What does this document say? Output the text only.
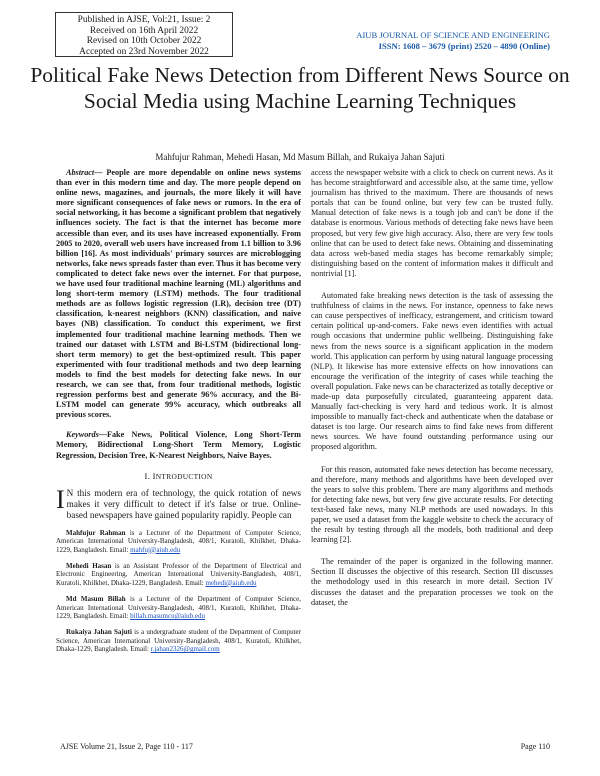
Published in AJSE, Vol:21, Issue: 2
Received on 16th April 2022
Revised on 10th October 2022
Accepted on 23rd November 2022
AIUB JOURNAL OF SCIENCE AND ENGINEERING
ISSN: 1608 – 3679 (print) 2520 – 4890 (Online)
Political Fake News Detection from Different News Source on Social Media using Machine Learning Techniques
Mahfujur Rahman, Mehedi Hasan, Md Masum Billah, and Rukaiya Jahan Sajuti

Abstract— People are more dependable on online news systems than ever in this modern time and day. The more people depend on online news, magazines, and journals, the more likely it will have more significant consequences of fake news or rumors. In the era of social networking, it has become a significant problem that negatively influences society. The fact is that the internet has become more accessible than ever, and its uses have increased exponentially. From 2005 to 2020, overall web users have increased from 1.1 billion to 3.96 billion [16]. As most individuals' primary sources are microblogging networks, fake news spreads faster than ever. Thus it has become very complicated to detect fake news over the internet. For that purpose, we have used four traditional machine learning (ML) algorithms and long short-term memory (LSTM) methods. The four traditional methods are as follows logistic regression (LR), decision tree (DT) classification, k-nearest neighbors (KNN) classification, and naive bayes (NB) classification. To conduct this experiment, we first implemented four traditional machine learning methods. Then we trained our dataset with LSTM and Bi-LSTM (bidirectional long-short term memory) to get the best-optimized result. This paper experimented with four traditional methods and two deep learning models to find the best models for detecting fake news. In our research, we can see that, from four traditional methods, logistic regression performs best and generate 96% accuracy, and the Bi-LSTM model can generate 99% accuracy, which outbreaks all previous scores.

Keywords—Fake News, Political Violence, Long Short-Term Memory, Bidirectional Long-Short Term Memory, Logistic Regression, Decision Tree, K-Nearest Neighbors, Naive Bayes.

I. INTRODUCTION

I N this modern era of technology, the quick rotation of news makes it very difficult to detect if it's false or true. Online-based newspapers have gained popularity rapidly. People can

Mahfujur Rahman is a Lecturer of the Department of Computer Science, American International University-Bangladesh, 408/1, Kuratoli, Khilkhet, Dhaka-1229, Bangladesh. Email: mahfuj@aiub.edu

Mehedi Hasan is an Assistant Professor of the Department of Electrical and Electronic Engineering, American International University-Bangladesh, 408/1, Kuratoli, Khilkhet, Dhaka-1229, Bangladesh. Email: mehedi@aiub.edu

Md Masum Billah is a Lecturer of the Department of Computer Science, American International University-Bangladesh, 408/1, Kuratoli, Khilkhet, Dhaka-1229, Bangladesh. Email: billah.masumcu@aiub.edu

Rukaiya Jahan Sajuti is a undergraduate student of the Department of Computer Science, American International University-Bangladesh, 408/1, Kuratoli, Khilkhet, Dhaka-1229, Bangladesh. Email: r.jahan2326@gmail.com

access the newspaper website with a click to check on current news. As it has become straightforward and accessible also, at the same time, yellow journalism has thrived to the maximum. There are thousands of news portals that can be found online, but very few can be trusted fully. Manual detection of fake news is a tough job and can't be done if the database is enormous. Various methods of detecting fake news have been proposed, but very few give high accuracy. Also, there are very few tools online that can be used to detect fake news. Obtaining and disseminating data across web-based media stages has become remarkably simple; distinguishing based on the content of information makes it difficult and nontrivial [1].

Automated fake breaking news detection is the task of assessing the truthfulness of claims in the news. For instance, openness to fake news can cause perspectives of inefficacy, estrangement, and criticism toward certain political up-and-comers. Fake news even identifies with actual rough occasions that undermine public wellbeing. Distinguishing fake news from the news source is a significant application in the modern world. This application can perform by using natural language processing (NLP). It likewise has more extensive effects on how innovations can encourage the verification of the integrity of cases while teaching the overall population. Fake news can be characterized as totally deceptive or made-up data purposefully circulated, guaranteeing apparent data. Manually fact-checking is very hard and tedious work. It is almost impossible to manually fact-check and authenticate when the database or dataset is too large. Our research aims to find fake news from different news sources. We have found outstanding performance using our proposed algorithm.

For this reason, automated fake news detection has become necessary, and therefore, many methods and algorithms have been developed over the years to solve this problem. There are many algorithms and methods for detecting fake news, but very few give accurate results. For detecting text-based fake news, many NLP methods are used nowadays. In this paper, we used a dataset from the kaggle website to check the accuracy of the result by testing through all the models, both traditional and deep learning [2].

The remainder of the paper is organized in the following manner. Section II discusses the objective of this research. Section III discusses the methodology used in this research in more detail. Section IV discusses the dataset and the preparation processes we took on the dataset, the

AJSE Volume 21, Issue 2, Page 110 - 117	Page 110
